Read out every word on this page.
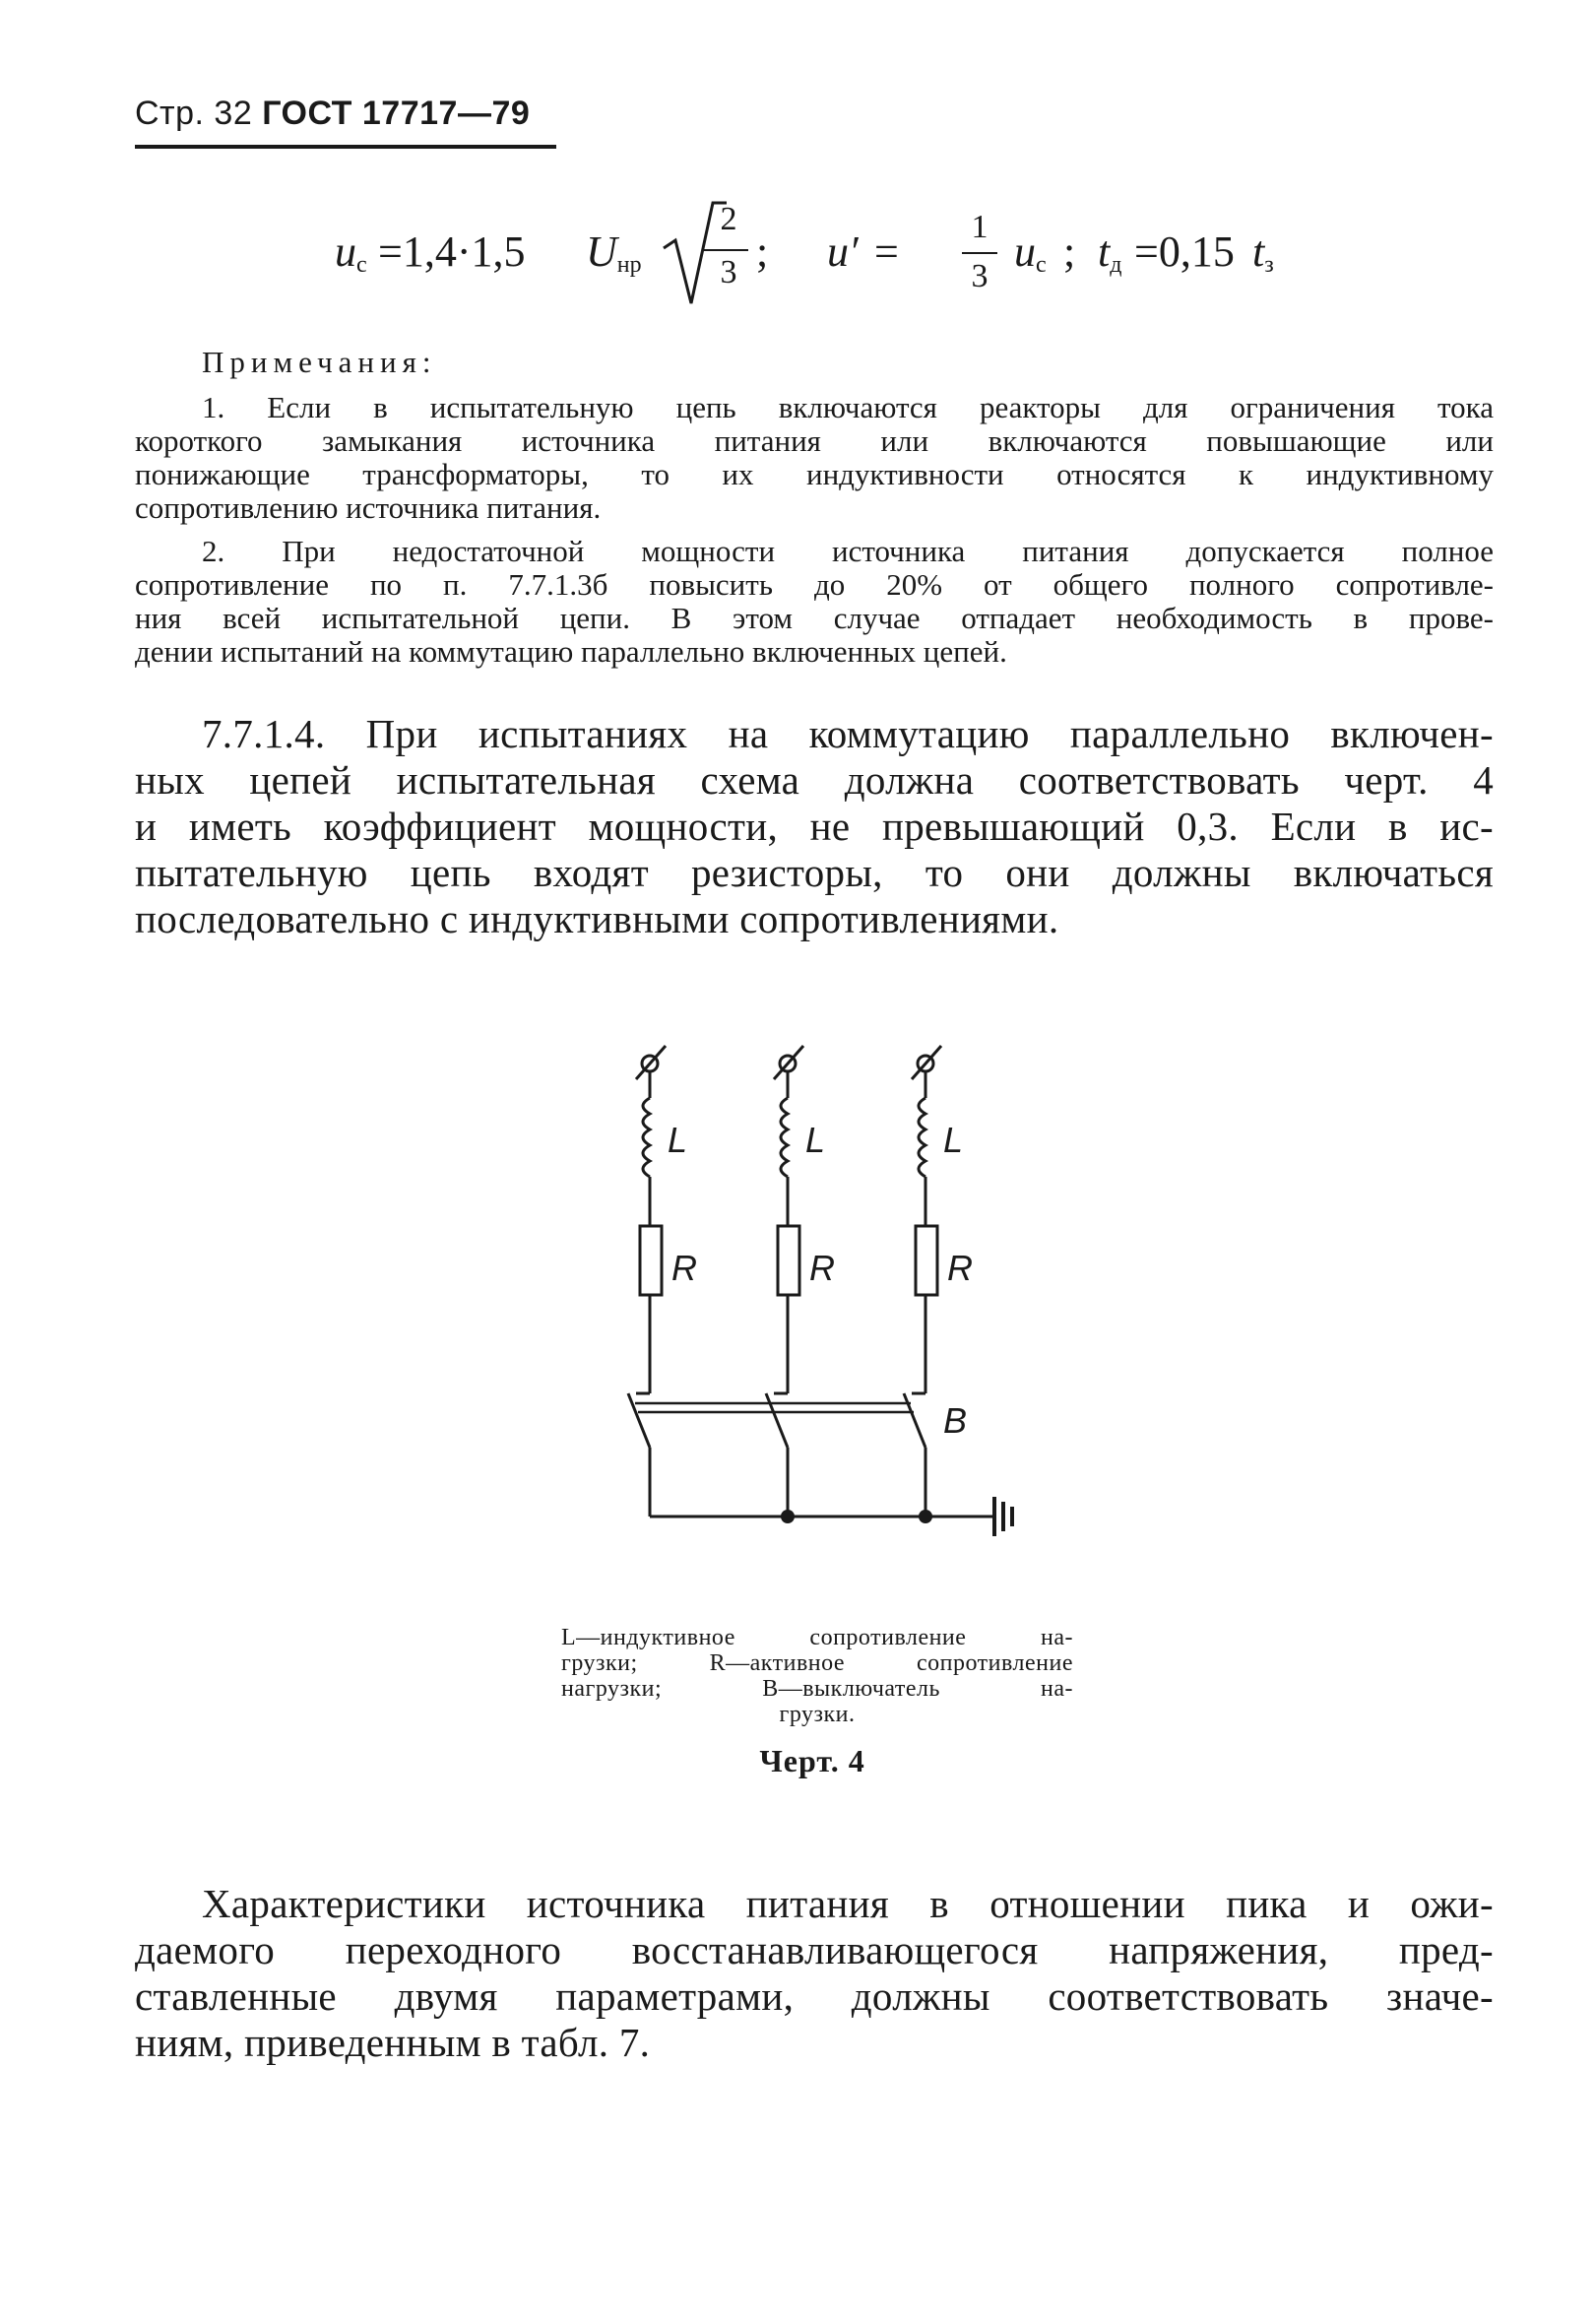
Стр. 32 ГОСТ 17717—79
$u_с =1,4\cdot 1,5$ $U_{нр}$
2
3 ; u′ =
1
3
$u_с$ ; $t_д =0,15$ $t_з$
Примечания:
1. Если в испытательную цепь включаются реакторы для ограничения тока
короткого замыкания источника питания или включаются повышающие или
понижающие трансформаторы, то их индуктивности относятся к индуктивному
сопротивлению источника питания.
2. При недостаточной мощности источника питания допускается полное
сопротивление по п. 7.7.1.3б повысить до 20% от общего полного сопротивле-
ния всей испытательной цепи. В этом случае отпадает необходимость в прове-
дении испытаний на коммутацию параллельно включенных цепей.
7.7.1.4. При испытаниях на коммутацию параллельно включен-
ных цепей испытательная схема должна соответствовать черт. 4
и иметь коэффициент мощности, не превышающий 0,3. Если в ис-
пытательную цепь входят резисторы, то они должны включаться
последовательно с индуктивными сопротивлениями.
L	L	L
R	R	R
B
L—индуктивное сопротивление на-
грузки; R—активное сопротивление
нагрузки; B—выключатель на-
грузки.
Черт. 4
Характеристики источника питания в отношении пика и ожи-
даемого переходного восстанавливающегося напряжения, пред-
ставленные двумя параметрами, должны соответствовать значе-
ниям, приведенным в табл. 7.
